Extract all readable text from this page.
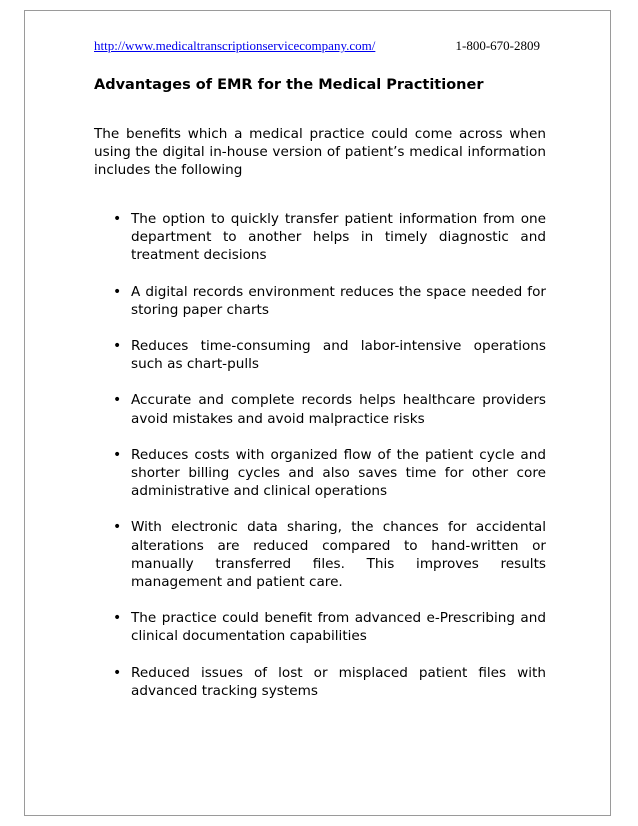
http://www.medicaltranscriptionservicecompany.com/	1-800-670-2809
Advantages of EMR for the Medical Practitioner

The benefits which a medical practice could come across when using the digital in-house version of patient’s medical information includes the following

• The option to quickly transfer patient information from one department to another helps in timely diagnostic and treatment decisions
• A digital records environment reduces the space needed for storing paper charts
• Reduces time-consuming and labor-intensive operations such as chart-pulls
• Accurate and complete records helps healthcare providers avoid mistakes and avoid malpractice risks
• Reduces costs with organized flow of the patient cycle and shorter billing cycles and also saves time for other core administrative and clinical operations
• With electronic data sharing, the chances for accidental alterations are reduced compared to hand-written or manually transferred files. This improves results management and patient care.
• The practice could benefit from advanced e-Prescribing and clinical documentation capabilities
• Reduced issues of lost or misplaced patient files with advanced tracking systems
